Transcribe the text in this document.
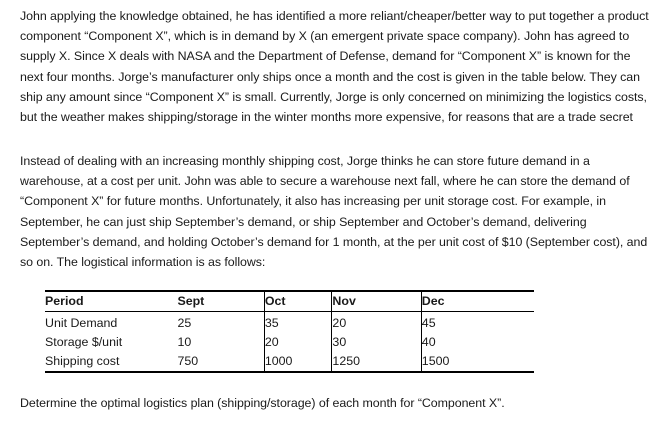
John applying the knowledge obtained, he has identified a more reliant/cheaper/better way to put together a product component “Component X”, which is in demand by X (an emergent private space company). John has agreed to supply X. Since X deals with NASA and the Department of Defense, demand for “Component X” is known for the next four months. Jorge’s manufacturer only ships once a month and the cost is given in the table below. They can ship any amount since “Component X” is small. Currently, Jorge is only concerned on minimizing the logistics costs, but the weather makes shipping/storage in the winter months more expensive, for reasons that are a trade secret

Instead of dealing with an increasing monthly shipping cost, Jorge thinks he can store future demand in a warehouse, at a cost per unit. John was able to secure a warehouse next fall, where he can store the demand of “Component X” for future months. Unfortunately, it also has increasing per unit storage cost. For example, in September, he can just ship September’s demand, or ship September and October’s demand, delivering September’s demand, and holding October’s demand for 1 month, at the per unit cost of $10 (September cost), and so on. The logistical information is as follows:

Period	Sept	Oct	Nov	Dec
Unit Demand	25	35	20	45
Storage $/unit	10	20	30	40
Shipping cost	750	1000	1250	1500

Determine the optimal logistics plan (shipping/storage) of each month for “Component X”.
